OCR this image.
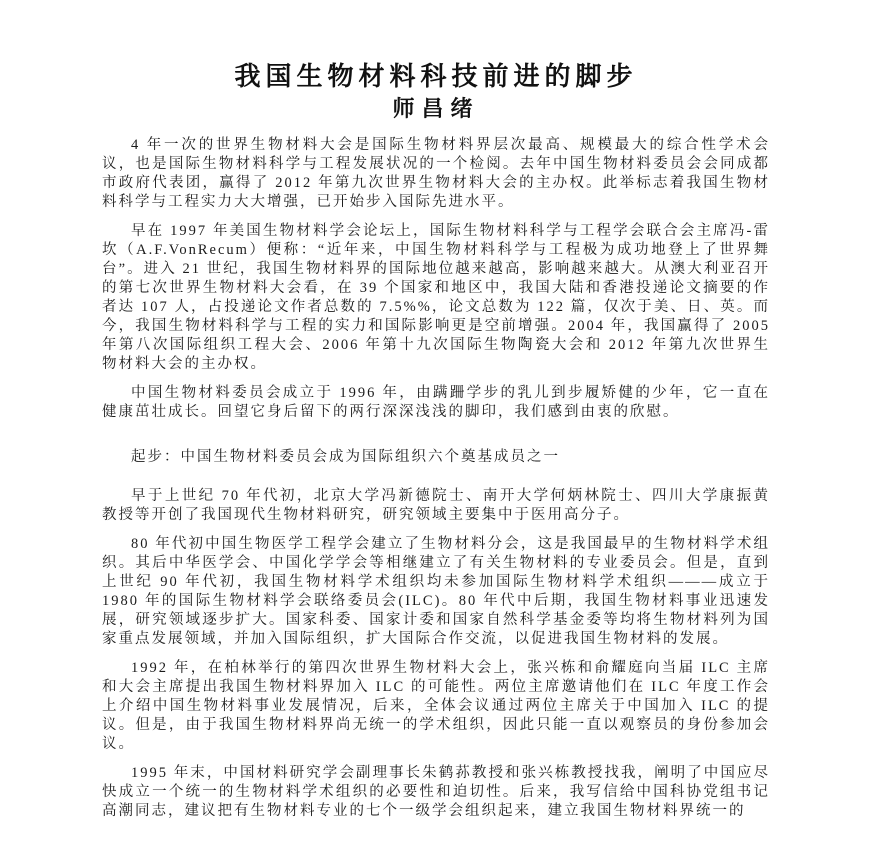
我国生物材料科技前进的脚步
师昌绪

4 年一次的世界生物材料大会是国际生物材料界层次最高、规模最大的综合性学术会议，也是国际生物材料科学与工程发展状况的一个检阅。去年中国生物材料委员会会同成都市政府代表团，赢得了 2012 年第九次世界生物材料大会的主办权。此举标志着我国生物材料科学与工程实力大大增强，已开始步入国际先进水平。

早在 1997 年美国生物材料学会论坛上，国际生物材料科学与工程学会联合会主席冯-雷坎（A.F.VonRecum）便称：“近年来，中国生物材料科学与工程极为成功地登上了世界舞台”。进入 21 世纪，我国生物材料界的国际地位越来越高，影响越来越大。从澳大利亚召开的第七次世界生物材料大会看，在 39 个国家和地区中，我国大陆和香港投递论文摘要的作者达 107 人，占投递论文作者总数的 7.5%%，论文总数为 122 篇，仅次于美、日、英。而今，我国生物材料科学与工程的实力和国际影响更是空前增强。2004 年，我国赢得了 2005 年第八次国际组织工程大会、2006 年第十九次国际生物陶瓷大会和 2012 年第九次世界生物材料大会的主办权。

中国生物材料委员会成立于 1996 年，由蹒跚学步的乳儿到步履矫健的少年，它一直在健康茁壮成长。回望它身后留下的两行深深浅浅的脚印，我们感到由衷的欣慰。

起步：中国生物材料委员会成为国际组织六个奠基成员之一

早于上世纪 70 年代初，北京大学冯新德院士、南开大学何炳林院士、四川大学康振黄教授等开创了我国现代生物材料研究，研究领域主要集中于医用高分子。

80 年代初中国生物医学工程学会建立了生物材料分会，这是我国最早的生物材料学术组织。其后中华医学会、中国化学学会等相继建立了有关生物材料的专业委员会。但是，直到上世纪 90 年代初，我国生物材料学术组织均未参加国际生物材料学术组织———成立于 1980 年的国际生物材料学会联络委员会(ILC)。80 年代中后期，我国生物材料事业迅速发展，研究领域逐步扩大。国家科委、国家计委和国家自然科学基金委等均将生物材料列为国家重点发展领域，并加入国际组织，扩大国际合作交流，以促进我国生物材料的发展。

1992 年，在柏林举行的第四次世界生物材料大会上，张兴栋和俞耀庭向当届 ILC 主席和大会主席提出我国生物材料界加入 ILC 的可能性。两位主席邀请他们在 ILC 年度工作会上介绍中国生物材料事业发展情况，后来，全体会议通过两位主席关于中国加入 ILC 的提议。但是，由于我国生物材料界尚无统一的学术组织，因此只能一直以观察员的身份参加会议。

1995 年末，中国材料研究学会副理事长朱鹤荪教授和张兴栋教授找我，阐明了中国应尽快成立一个统一的生物材料学术组织的必要性和迫切性。后来，我写信给中国科协党组书记高潮同志，建议把有生物材料专业的七个一级学会组织起来，建立我国生物材料界统一的
